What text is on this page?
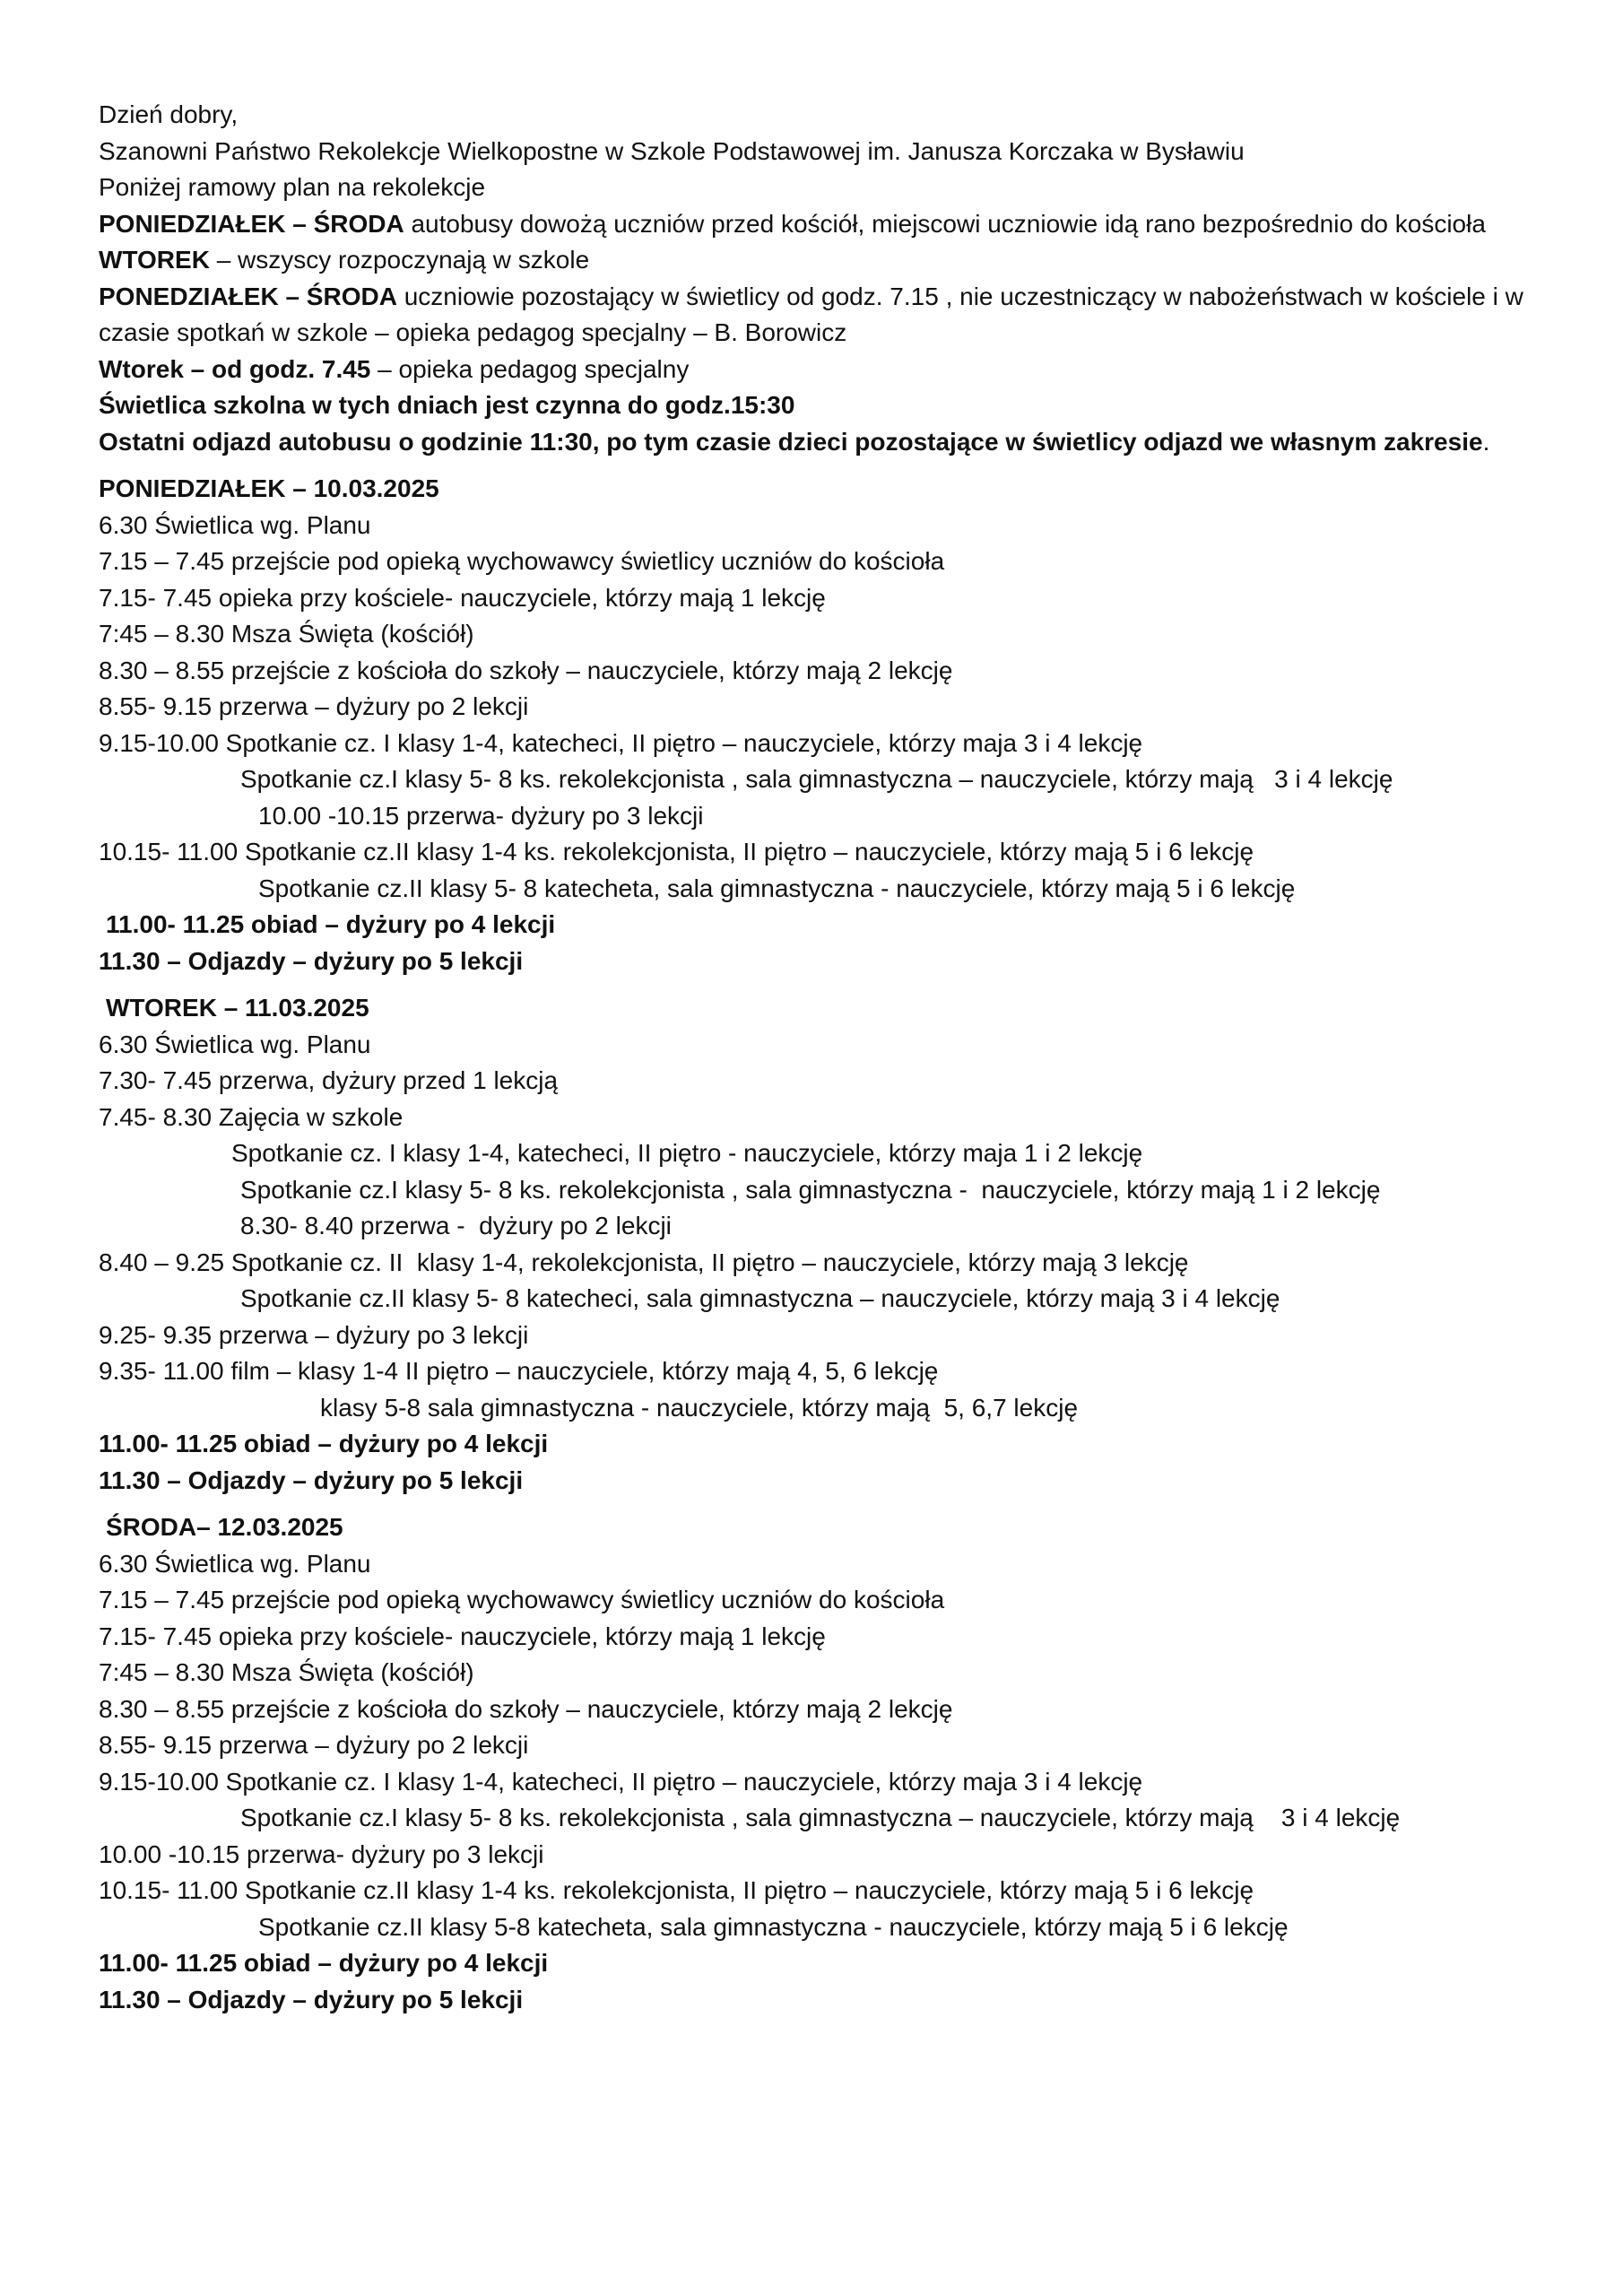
Dzień dobry,

Szanowni Państwo Rekolekcje Wielkopostne w Szkole Podstawowej im. Janusza Korczaka w Bysławiu

Poniżej ramowy plan na rekolekcje

PONIEDZIAŁEK – ŚRODA autobusy dowożą uczniów przed kościół, miejscowi uczniowie idą rano bezpośrednio do kościoła

WTOREK – wszyscy rozpoczynają w szkole

PONEDZIAŁEK – ŚRODA uczniowie pozostający w świetlicy od godz. 7.15 , nie uczestniczący w nabożeństwach w kościele i w czasie spotkań w szkole – opieka pedagog specjalny – B. Borowicz

Wtorek – od godz. 7.45 – opieka pedagog specjalny

Świetlica szkolna w tych dniach jest czynna do godz.15:30

Ostatni odjazd autobusu o godzinie 11:30, po tym czasie dzieci pozostające w świetlicy odjazd we własnym zakresie.

PONIEDZIAŁEK – 10.03.2025

6.30 Świetlica wg. Planu

7.15 – 7.45 przejście pod opieką wychowawcy świetlicy uczniów do kościoła

7.15- 7.45 opieka przy kościele- nauczyciele, którzy mają 1 lekcję

7:45 – 8.30 Msza Święta (kościół)

8.30 – 8.55 przejście z kościoła do szkoły – nauczyciele, którzy mają 2 lekcję

8.55- 9.15 przerwa – dyżury po 2 lekcji

9.15-10.00 Spotkanie cz. I klasy 1-4, katecheci, II piętro – nauczyciele, którzy maja 3 i 4 lekcję

Spotkanie cz.I klasy 5- 8 ks. rekolekcjonista , sala gimnastyczna – nauczyciele, którzy mają   3 i 4 lekcję

10.00 -10.15 przerwa- dyżury po 3 lekcji

10.15- 11.00 Spotkanie cz.II klasy 1-4 ks. rekolekcjonista, II piętro – nauczyciele, którzy mają 5 i 6 lekcję

Spotkanie cz.II klasy 5- 8 katecheta, sala gimnastyczna - nauczyciele, którzy mają 5 i 6 lekcję

11.00- 11.25 obiad – dyżury po 4 lekcji

11.30 – Odjazdy – dyżury po 5 lekcji

WTOREK – 11.03.2025

6.30 Świetlica wg. Planu

7.30- 7.45 przerwa, dyżury przed 1 lekcją

7.45- 8.30 Zajęcia w szkole

Spotkanie cz. I klasy 1-4, katecheci, II piętro - nauczyciele, którzy maja 1 i 2 lekcję

Spotkanie cz.I klasy 5- 8 ks. rekolekcjonista , sala gimnastyczna -  nauczyciele, którzy mają 1 i 2 lekcję

8.30- 8.40 przerwa -  dyżury po 2 lekcji

8.40 – 9.25 Spotkanie cz. II  klasy 1-4, rekolekcjonista, II piętro – nauczyciele, którzy mają 3 lekcję

Spotkanie cz.II klasy 5- 8 katecheci, sala gimnastyczna – nauczyciele, którzy mają 3 i 4 lekcję

9.25- 9.35 przerwa – dyżury po 3 lekcji

9.35- 11.00 film – klasy 1-4 II piętro – nauczyciele, którzy mają 4, 5, 6 lekcję

klasy 5-8 sala gimnastyczna - nauczyciele, którzy mają  5, 6,7 lekcję

11.00- 11.25 obiad – dyżury po 4 lekcji

11.30 – Odjazdy – dyżury po 5 lekcji

ŚRODA– 12.03.2025

6.30 Świetlica wg. Planu

7.15 – 7.45 przejście pod opieką wychowawcy świetlicy uczniów do kościoła

7.15- 7.45 opieka przy kościele- nauczyciele, którzy mają 1 lekcję

7:45 – 8.30 Msza Święta (kościół)

8.30 – 8.55 przejście z kościoła do szkoły – nauczyciele, którzy mają 2 lekcję

8.55- 9.15 przerwa – dyżury po 2 lekcji

9.15-10.00 Spotkanie cz. I klasy 1-4, katecheci, II piętro – nauczyciele, którzy maja 3 i 4 lekcję

Spotkanie cz.I klasy 5- 8 ks. rekolekcjonista , sala gimnastyczna – nauczyciele, którzy mają    3 i 4 lekcję

10.00 -10.15 przerwa- dyżury po 3 lekcji

10.15- 11.00 Spotkanie cz.II klasy 1-4 ks. rekolekcjonista, II piętro – nauczyciele, którzy mają 5 i 6 lekcję

Spotkanie cz.II klasy 5-8 katecheta, sala gimnastyczna - nauczyciele, którzy mają 5 i 6 lekcję

11.00- 11.25 obiad – dyżury po 4 lekcji

11.30 – Odjazdy – dyżury po 5 lekcji
